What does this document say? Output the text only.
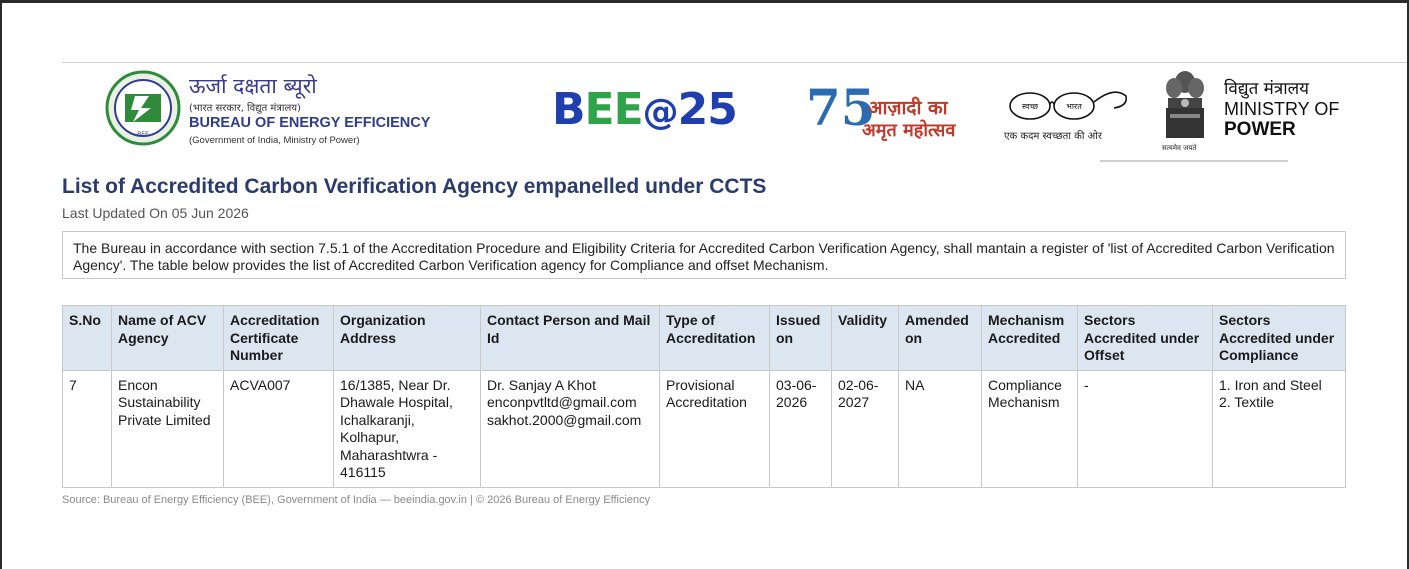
BEE
ऊर्जा दक्षता ब्यूरो
(भारत सरकार, विद्युत मंत्रालय)
BUREAU OF ENERGY EFFICIENCY
(Government of India, Ministry of Power)
BEE@25 75
आज़ादी का
अमृत महोत्सव
स्वच्छ	भारत
एक कदम स्वच्छता की ओर
सत्यमेव जयते
विद्युत मंत्रालय
MINISTRY OF
POWER
List of Accredited Carbon Verification Agency empanelled under CCTS
Last Updated On 05 Jun 2026
The Bureau in accordance with section 7.5.1 of the Accreditation Procedure and Eligibility Criteria for Accredited Carbon Verification Agency, shall mantain a register of 'list of Accredited Carbon Verification Agency'. The table below provides the list of Accredited Carbon Verification agency for Compliance and offset Mechanism.
S.No	Name of ACV Agency	Accreditation Certificate Number	Organization Address	Contact Person and Mail Id	Type of Accreditation	Issued on	Validity	Amended on	Mechanism Accredited	Sectors Accredited under Offset	Sectors Accredited under Compliance
7	Encon Sustainability Private Limited	ACVA007	16/1385, Near Dr. Dhawale Hospital, Ichalkaranji, Kolhapur, Maharashtwra - 416115	Dr. Sanjay A Khot
enconpvtltd@gmail.com
sakhot.2000@gmail.com	Provisional Accreditation	03-06-2026	02-06-2027	NA	Compliance Mechanism	-	1. Iron and Steel
2. Textile
Source: Bureau of Energy Efficiency (BEE), Government of India — beeindia.gov.in | © 2026 Bureau of Energy Efficiency
